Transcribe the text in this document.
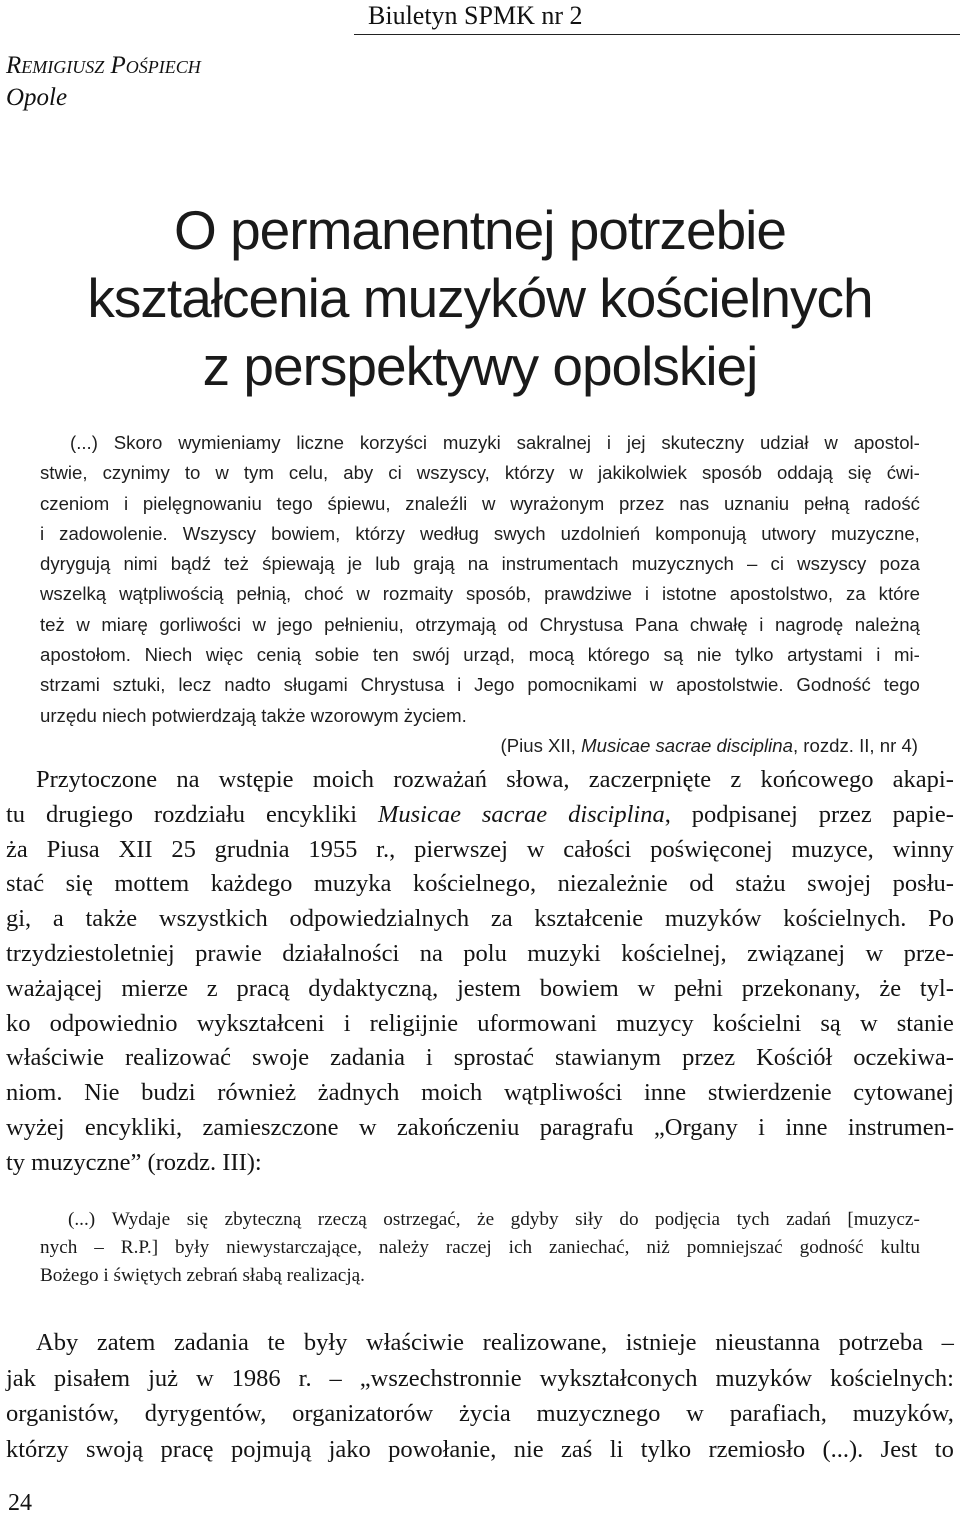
Biuletyn SPMK nr 2
Remigiusz Pośpiech
Opole
O permanentnej potrzebie
kształcenia muzyków kościelnych
z perspektywy opolskiej
(...) Skoro wymieniamy liczne korzyści muzyki sakralnej i jej skuteczny udział w apostol-
stwie, czynimy to w tym celu, aby ci wszyscy, którzy w jakikolwiek sposób oddają się ćwi-
czeniom i pielęgnowaniu tego śpiewu, znaleźli w wyrażonym przez nas uznaniu pełną radość
i zadowolenie. Wszyscy bowiem, którzy według swych uzdolnień komponują utwory muzyczne,
dyrygują nimi bądź też śpiewają je lub grają na instrumentach muzycznych – ci wszyscy poza
wszelką wątpliwością pełnią, choć w rozmaity sposób, prawdziwe i istotne apostolstwo, za które
też w miarę gorliwości w jego pełnieniu, otrzymają od Chrystusa Pana chwałę i nagrodę należną
apostołom. Niech więc cenią sobie ten swój urząd, mocą którego są nie tylko artystami i mi-
strzami sztuki, lecz nadto sługami Chrystusa i Jego pomocnikami w apostolstwie. Godność tego
urzędu niech potwierdzają także wzorowym życiem.
(Pius XII, Musicae sacrae disciplina, rozdz. II, nr 4)
Przytoczone na wstępie moich rozważań słowa, zaczerpnięte z końcowego akapi-
tu drugiego rozdziału encykliki Musicae sacrae disciplina, podpisanej przez papie-
ża Piusa XII 25 grudnia 1955 r., pierwszej w całości poświęconej muzyce, winny
stać się mottem każdego muzyka kościelnego, niezależnie od stażu swojej posłu-
gi, a także wszystkich odpowiedzialnych za kształcenie muzyków kościelnych. Po
trzydziestoletniej prawie działalności na polu muzyki kościelnej, związanej w prze-
ważającej mierze z pracą dydaktyczną, jestem bowiem w pełni przekonany, że tyl-
ko odpowiednio wykształceni i religijnie uformowani muzycy kościelni są w stanie
właściwie realizować swoje zadania i sprostać stawianym przez Kościół oczekiwa-
niom. Nie budzi również żadnych moich wątpliwości inne stwierdzenie cytowanej
wyżej encykliki, zamieszczone w zakończeniu paragrafu „Organy i inne instrumen-
ty muzyczne” (rozdz. III):
(...) Wydaje się zbyteczną rzeczą ostrzegać, że gdyby siły do podjęcia tych zadań [muzycz-
nych – R.P.] były niewystarczające, należy raczej ich zaniechać, niż pomniejszać godność kultu
Bożego i świętych zebrań słabą realizacją.
Aby zatem zadania te były właściwie realizowane, istnieje nieustanna potrzeba –
jak pisałem już w 1986 r. – „wszechstronnie wykształconych muzyków kościelnych:
organistów, dyrygentów, organizatorów życia muzycznego w parafiach, muzyków,
którzy swoją pracę pojmują jako powołanie, nie zaś li tylko rzemiosło (...). Jest to
24
